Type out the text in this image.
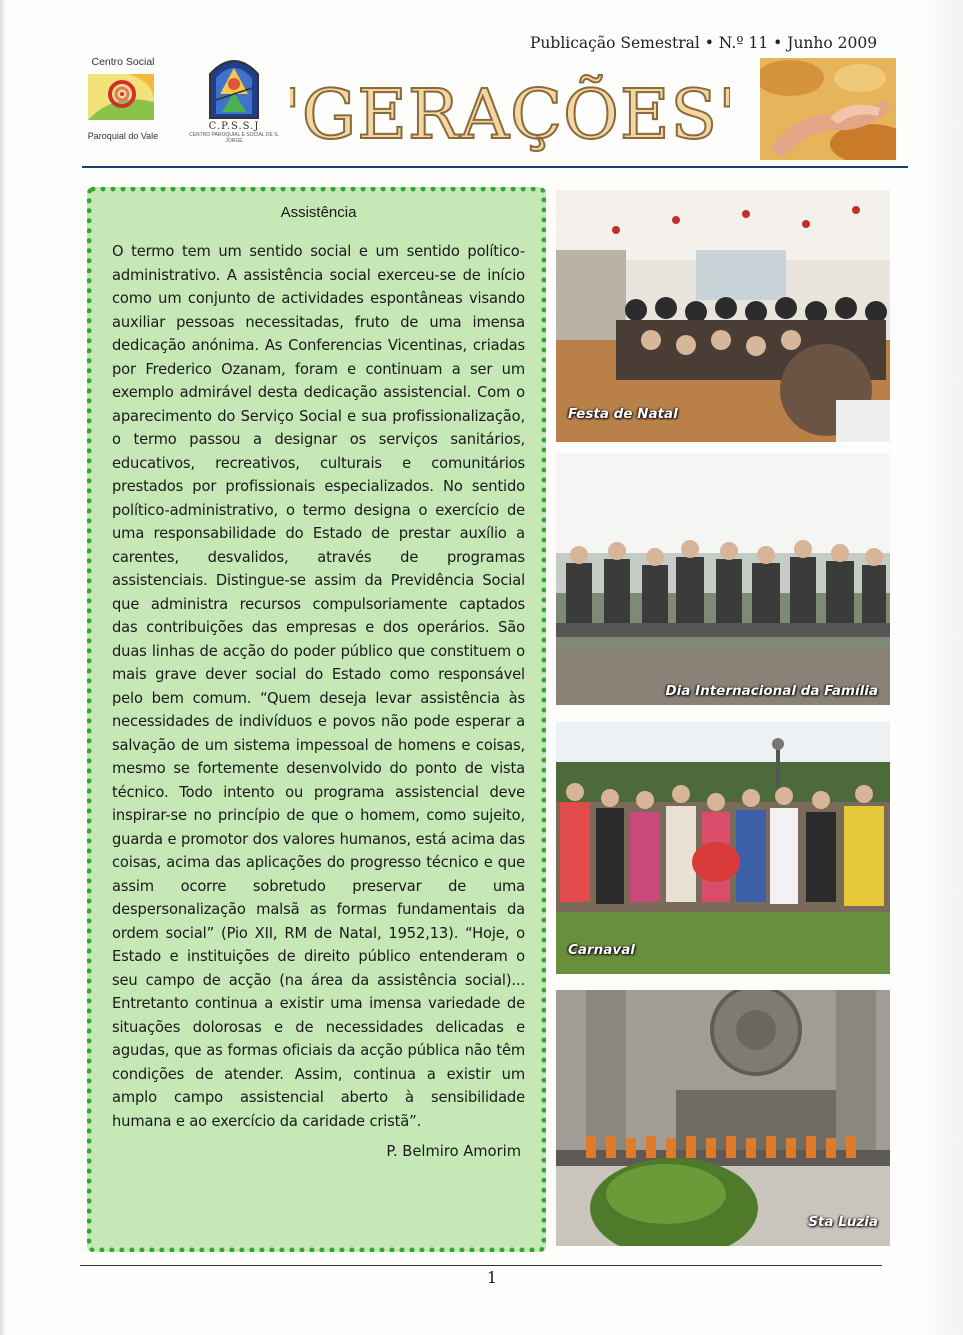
Publicação Semestral • N.º 11 • Junho 2009
Centro Social
Paroquial do Vale
C.P.S.S.J
CENTRO PAROQUIAL E SOCIAL DE S. JORGE "GERAÇÕES"
Assistência

O termo tem um sentido social e um sentido político-administrativo. A assistência social exerceu-se de início como um conjunto de actividades espontâneas visando auxiliar pessoas necessitadas, fruto de uma imensa dedicação anónima. As Conferencias Vicentinas, criadas por Frederico Ozanam, foram e continuam a ser um exemplo admirável desta dedicação assistencial. Com o aparecimento do Serviço Social e sua profissionalização, o termo passou a designar os serviços sanitários, educativos, recreativos, culturais e comunitários prestados por profissionais especializados. No sentido político-administrativo, o termo designa o exercício de uma responsabilidade do Estado de prestar auxílio a carentes, desvalidos, através de programas assistenciais. Distingue-se assim da Previdência Social que administra recursos compulsoriamente captados das contribuições das empresas e dos operários. São duas linhas de acção do poder público que constituem o mais grave dever social do Estado como responsável pelo bem comum. “Quem deseja levar assistência às necessidades de indivíduos e povos não pode esperar a salvação de um sistema impessoal de homens e coisas, mesmo se fortemente desenvolvido do ponto de vista técnico. Todo intento ou programa assistencial deve inspirar-se no princípio de que o homem, como sujeito, guarda e promotor dos valores humanos, está acima das coisas, acima das aplicações do progresso técnico e que assim ocorre sobretudo preservar de uma despersonalização malsã as formas fundamentais da ordem social” (Pio XII, RM de Natal, 1952,13). “Hoje, o Estado e instituições de direito público entenderam o seu campo de acção (na área da assistência social)... Entretanto continua a existir uma imensa variedade de situações dolorosas e de necessidades delicadas e agudas, que as formas oficiais da acção pública não têm condições de atender. Assim, continua a existir um amplo campo assistencial aberto à sensibilidade humana e ao exercício da caridade cristã”.

P. Belmiro Amorim
Festa de Natal
Dia Internacional da Família
Carnaval
Sta Luzia
1
